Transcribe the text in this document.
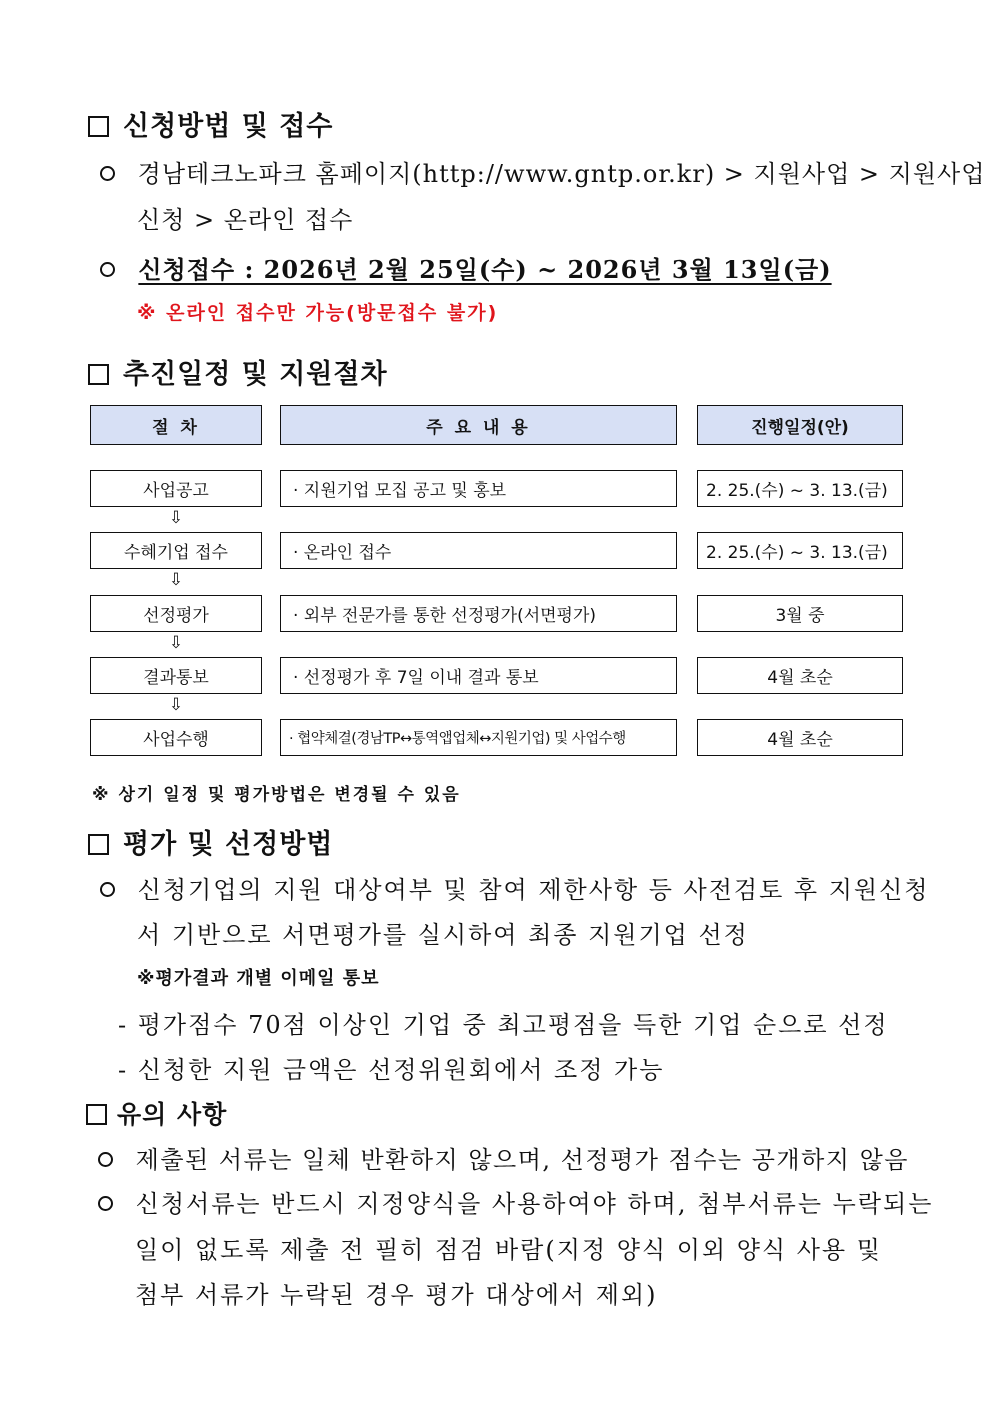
신청방법 및 접수
경남테크노파크 홈페이지(http://www.gntp.or.kr) > 지원사업 > 지원사업
신청 > 온라인 접수
신청접수 : 2026년 2월 25일(수) ~ 2026년 3월 13일(금)
※ 온라인 접수만 가능(방문접수 불가)
추진일정 및 지원절차
절 차	주 요 내 용	진행일정(안)
사업공고	· 지원기업 모집 공고 및 홍보	2. 25.(수) ~ 3. 13.(금)
⇩
수혜기업 접수	· 온라인 접수	2. 25.(수) ~ 3. 13.(금)
⇩
선정평가	· 외부 전문가를 통한 선정평가(서면평가)	3월 중
⇩
결과통보	· 선정평가 후 7일 이내 결과 통보	4월 초순
⇩
사업수행	· 협약체결(경남TP↔통역앱업체↔지원기업) 및 사업수행	4월 초순
※ 상기 일정 및 평가방법은 변경될 수 있음
평가 및 선정방법
신청기업의 지원 대상여부 및 참여 제한사항 등 사전검토 후 지원신청
서 기반으로 서면평가를 실시하여 최종 지원기업 선정
※평가결과 개별 이메일 통보
- 평가점수 70점 이상인 기업 중 최고평점을 득한 기업 순으로 선정
- 신청한 지원 금액은 선정위원회에서 조정 가능
유의 사항
제출된 서류는 일체 반환하지 않으며, 선정평가 점수는 공개하지 않음
신청서류는 반드시 지정양식을 사용하여야 하며, 첨부서류는 누락되는
일이 없도록 제출 전 필히 점검 바람(지정 양식 이외 양식 사용 및
첨부 서류가 누락된 경우 평가 대상에서 제외)
